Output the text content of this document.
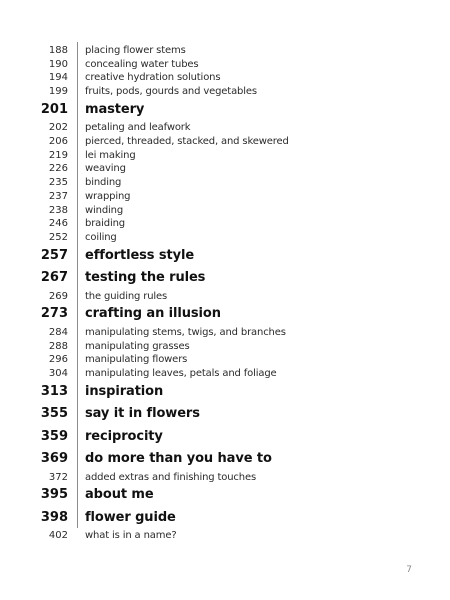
188 placing flower stems
190 concealing water tubes
194 creative hydration solutions
199 fruits, pods, gourds and vegetables
201 mastery
202 petaling and leafwork
206 pierced, threaded, stacked, and skewered
219 lei making
226 weaving
235 binding
237 wrapping
238 winding
246 braiding
252 coiling
257 effortless style
267 testing the rules
269 the guiding rules
273 crafting an illusion
284 manipulating stems, twigs, and branches
288 manipulating grasses
296 manipulating flowers
304 manipulating leaves, petals and foliage
313 inspiration
355 say it in flowers
359 reciprocity
369 do more than you have to
372 added extras and finishing touches
395 about me
398 flower guide
402 what is in a name?
7
